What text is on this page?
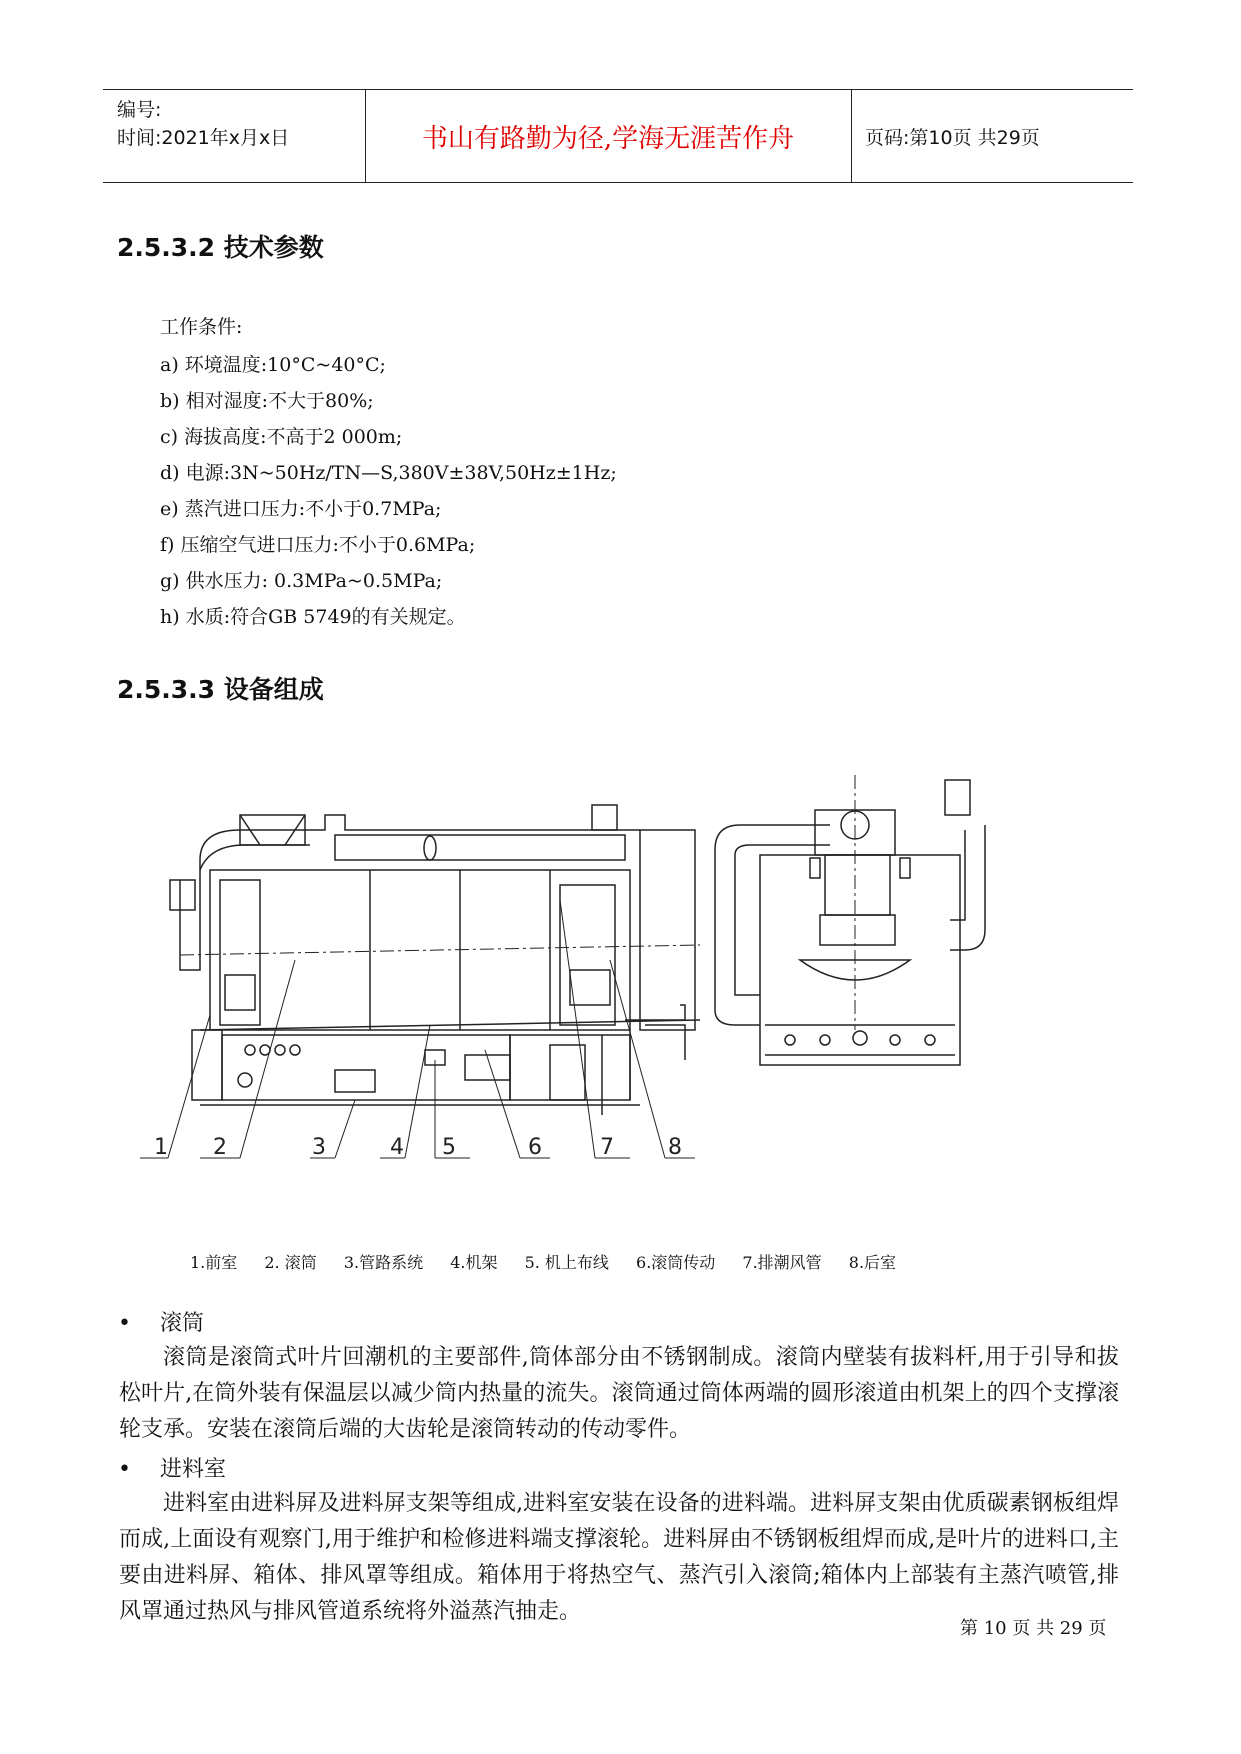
编号:
时间:2021年x月x日	书山有路勤为径,学海无涯苦作舟	页码:第10页 共29页
2.5.3.2 技术参数
工作条件:
a) 环境温度:10°C~40°C;
b) 相对湿度:不大于80%;
c) 海拔高度:不高于2 000m;
d) 电源:3N~50Hz/TN—S,380V±38V,50Hz±1Hz;
e) 蒸汽进口压力:不小于0.7MPa;
f) 压缩空气进口压力:不小于0.6MPa;
g) 供水压力: 0.3MPa~0.5MPa;
h) 水质:符合GB 5749的有关规定。
2.5.3.3 设备组成
1 2	3	4 5	6	7 8
1.前室 2. 滚筒 3.管路系统 4.机架 5. 机上布线 6.滚筒传动 7.排潮风管 8.后室
• 滚筒
滚筒是滚筒式叶片回潮机的主要部件,筒体部分由不锈钢制成。滚筒内壁装有拔料杆,用于引导和拔松叶片,在筒外装有保温层以减少筒内热量的流失。滚筒通过筒体两端的圆形滚道由机架上的四个支撑滚轮支承。安装在滚筒后端的大齿轮是滚筒转动的传动零件。
• 进料室
进料室由进料屏及进料屏支架等组成,进料室安装在设备的进料端。进料屏支架由优质碳素钢板组焊而成,上面设有观察门,用于维护和检修进料端支撑滚轮。进料屏由不锈钢板组焊而成,是叶片的进料口,主要由进料屏、箱体、排风罩等组成。箱体用于将热空气、蒸汽引入滚筒;箱体内上部装有主蒸汽喷管,排风罩通过热风与排风管道系统将外溢蒸汽抽走。
第 10 页 共 29 页
